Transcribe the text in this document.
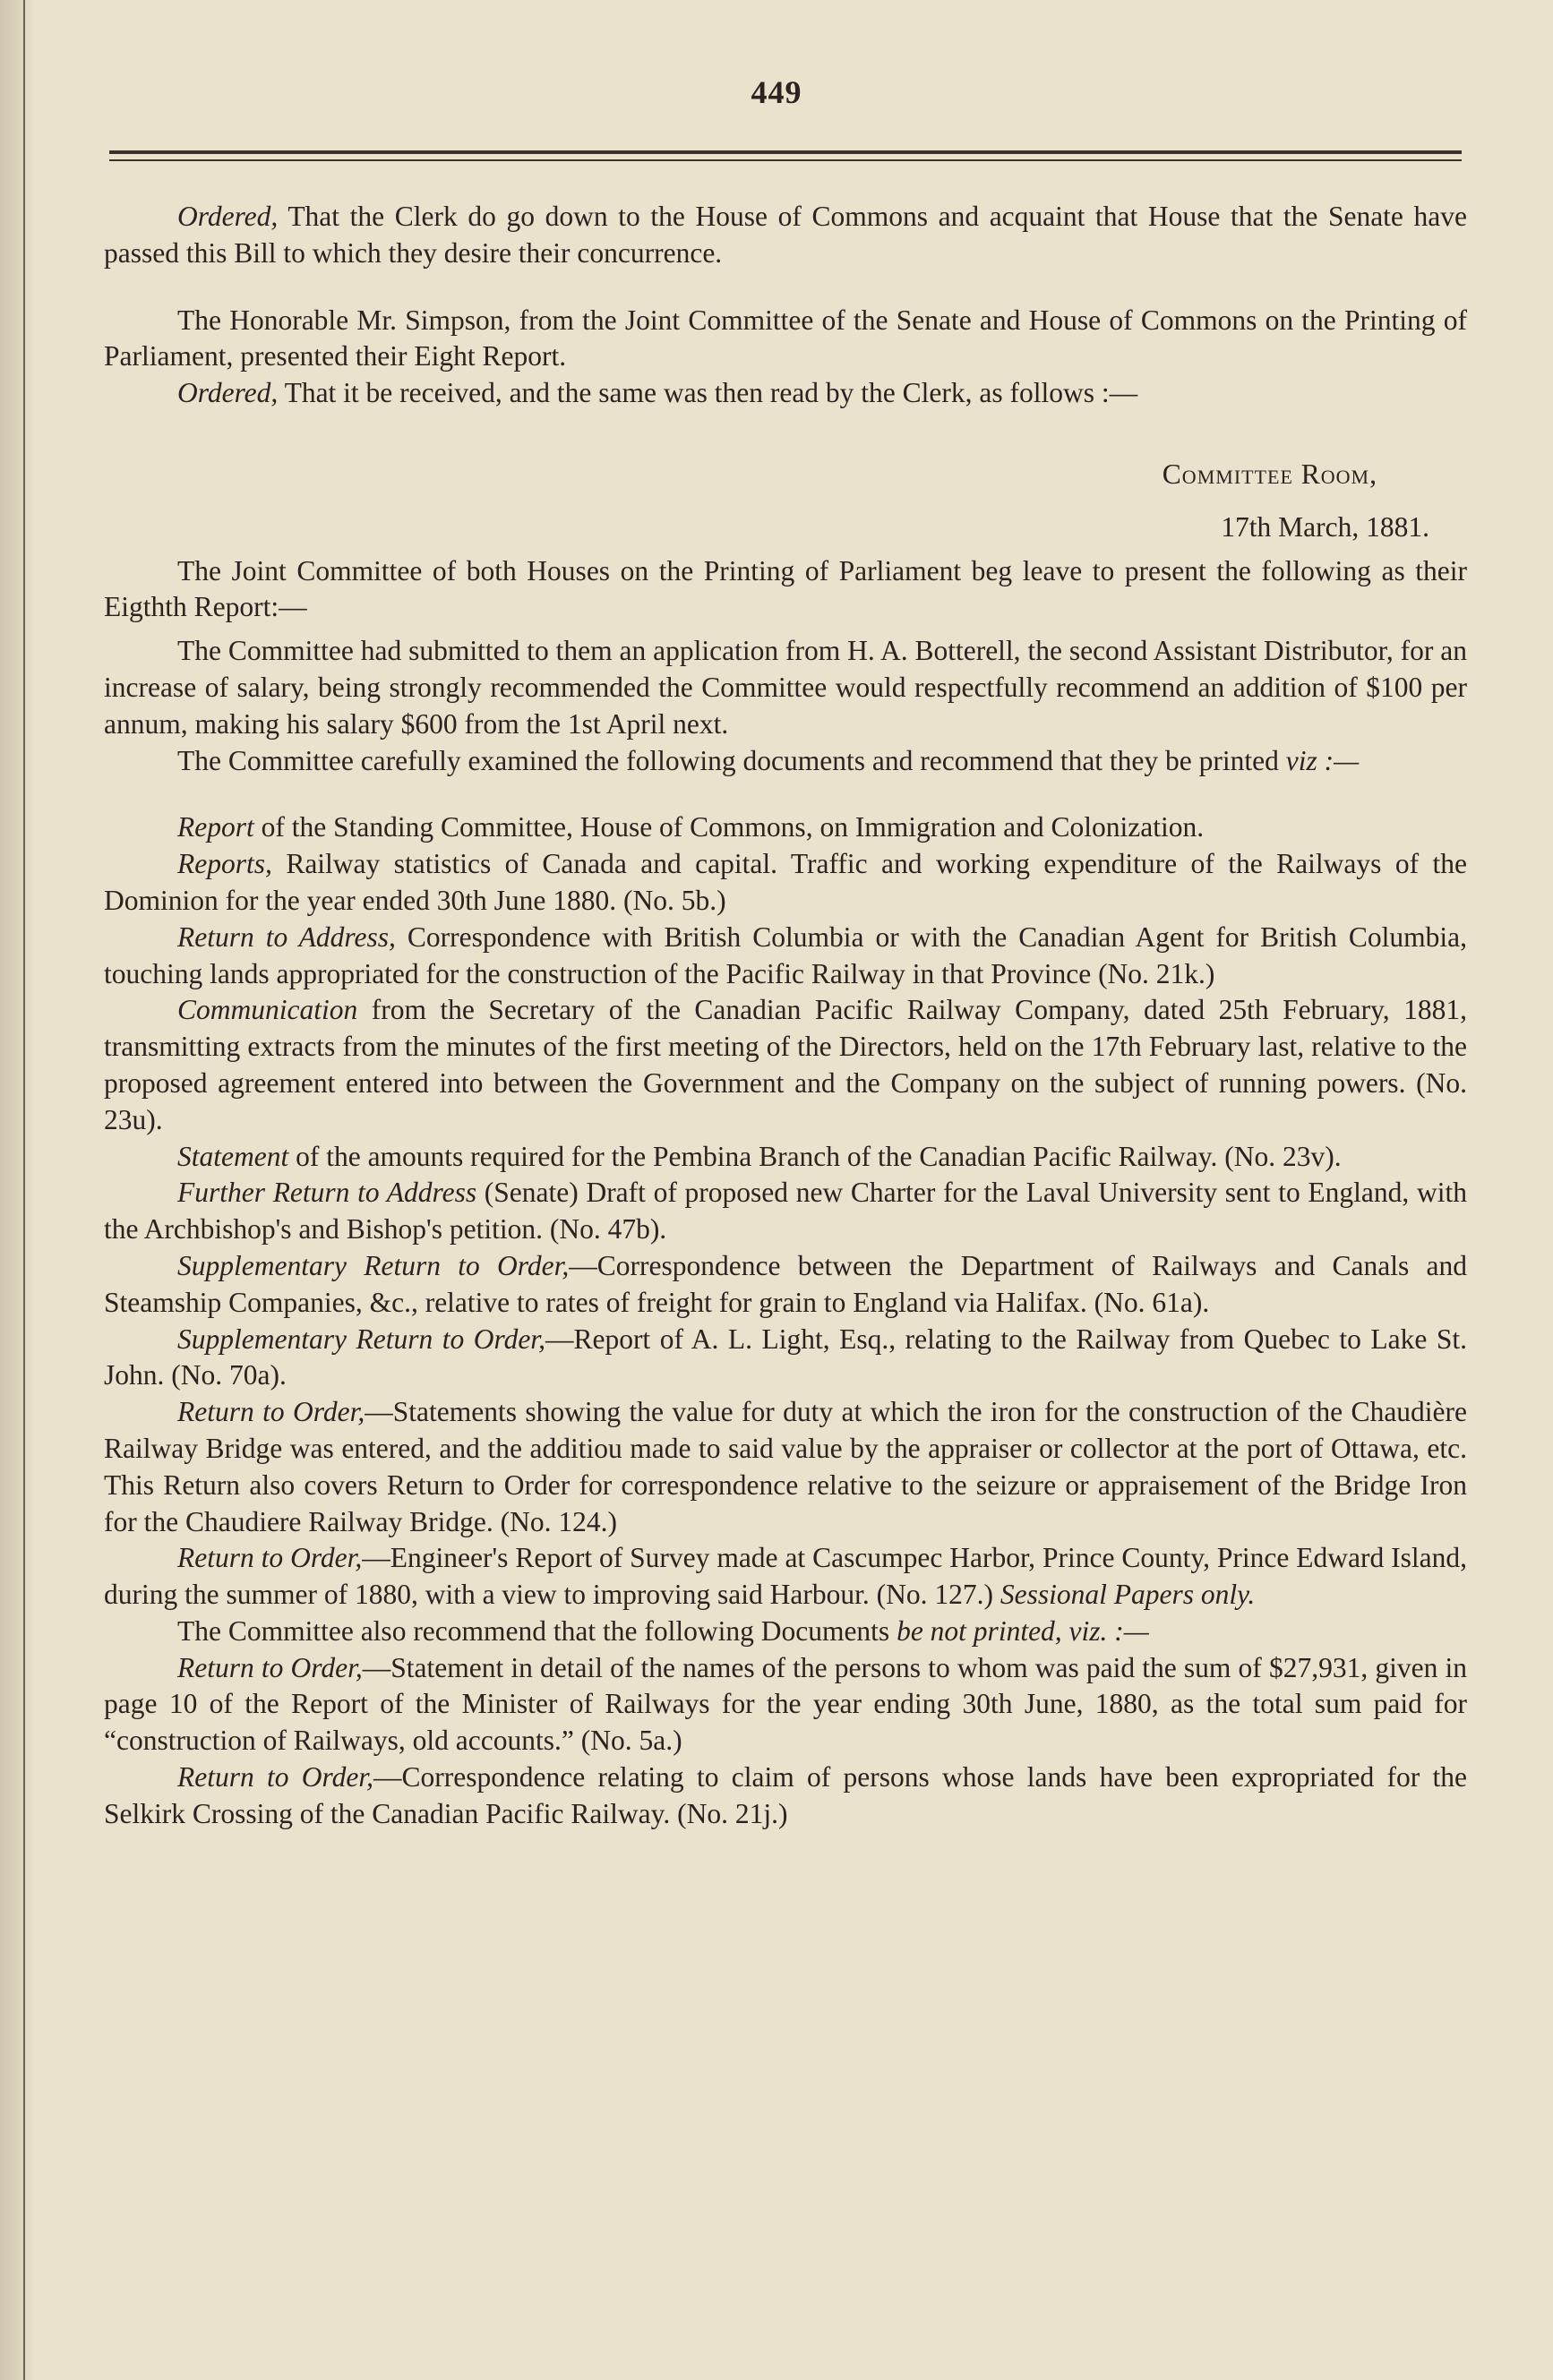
449

Ordered, That the Clerk do go down to the House of Commons and acquaint that House that the Senate have passed this Bill to which they desire their concurrence.

The Honorable Mr. Simpson, from the Joint Committee of the Senate and House of Commons on the Printing of Parliament, presented their Eight Report.

Ordered, That it be received, and the same was then read by the Clerk, as follows :—

Committee Room,

17th March, 1881.

The Joint Committee of both Houses on the Printing of Parliament beg leave to present the following as their Eigthth Report:—

The Committee had submitted to them an application from H. A. Botterell, the second Assistant Distributor, for an increase of salary, being strongly recommended the Committee would respectfully recommend an addition of $100 per annum, making his salary $600 from the 1st April next.

The Committee carefully examined the following documents and recommend that they be printed viz :—

Report of the Standing Committee, House of Commons, on Immigration and Colonization.

Reports, Railway statistics of Canada and capital. Traffic and working expenditure of the Railways of the Dominion for the year ended 30th June 1880. (No. 5b.)

Return to Address, Correspondence with British Columbia or with the Canadian Agent for British Columbia, touching lands appropriated for the construction of the Pacific Railway in that Province (No. 21k.)

Communication from the Secretary of the Canadian Pacific Railway Company, dated 25th February, 1881, transmitting extracts from the minutes of the first meeting of the Directors, held on the 17th February last, relative to the proposed agreement entered into between the Government and the Company on the subject of running powers. (No. 23u).

Statement of the amounts required for the Pembina Branch of the Canadian Pacific Railway. (No. 23v).

Further Return to Address (Senate) Draft of proposed new Charter for the Laval University sent to England, with the Archbishop's and Bishop's petition. (No. 47b).

Supplementary Return to Order,—Correspondence between the Department of Railways and Canals and Steamship Companies, &c., relative to rates of freight for grain to England via Halifax. (No. 61a).

Supplementary Return to Order,—Report of A. L. Light, Esq., relating to the Railway from Quebec to Lake St. John. (No. 70a).

Return to Order,—Statements showing the value for duty at which the iron for the construction of the Chaudière Railway Bridge was entered, and the additiou made to said value by the appraiser or collector at the port of Ottawa, etc. This Return also covers Return to Order for correspondence relative to the seizure or appraisement of the Bridge Iron for the Chaudiere Railway Bridge. (No. 124.)

Return to Order,—Engineer's Report of Survey made at Cascumpec Harbor, Prince County, Prince Edward Island, during the summer of 1880, with a view to improving said Harbour. (No. 127.) Sessional Papers only.

The Committee also recommend that the following Documents be not printed, viz. :—

Return to Order,—Statement in detail of the names of the persons to whom was paid the sum of $27,931, given in page 10 of the Report of the Minister of Railways for the year ending 30th June, 1880, as the total sum paid for “construction of Railways, old accounts.” (No. 5a.)

Return to Order,—Correspondence relating to claim of persons whose lands have been expropriated for the Selkirk Crossing of the Canadian Pacific Railway. (No. 21j.)
